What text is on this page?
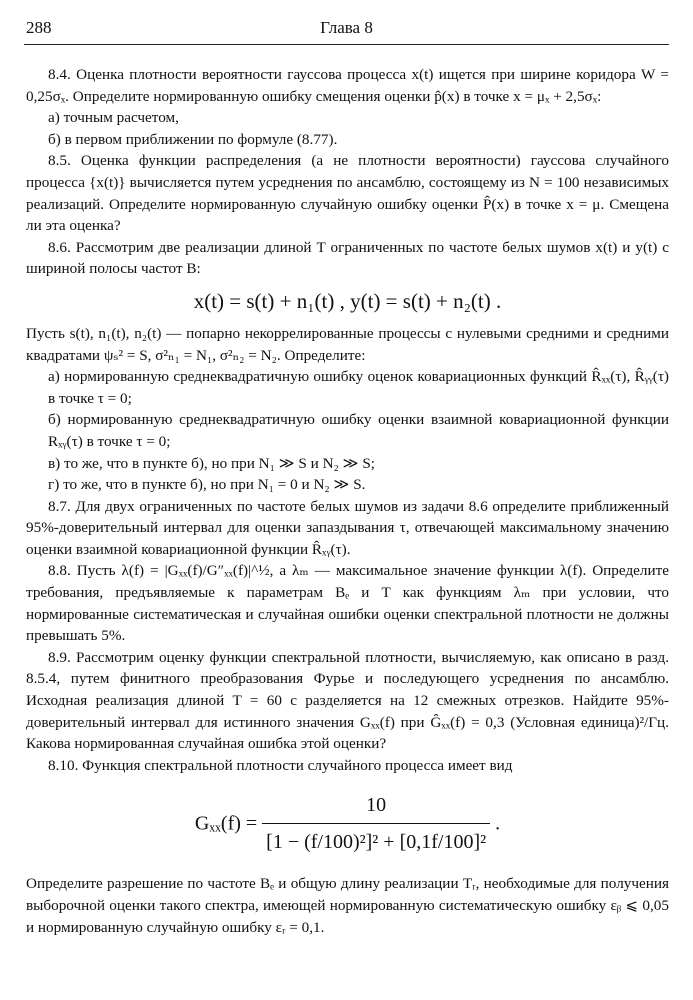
288	Глава 8

8.4. Оценка плотности вероятности гауссова процесса x(t) ищется при ширине коридора W = 0,25σₓ. Определите нормированную ошибку смещения оценки p̂(x) в точке x = μₓ + 2,5σₓ:

а) точным расчетом,

б) в первом приближении по формуле (8.77).

8.5. Оценка функции распределения (а не плотности вероятности) гауссова случайного процесса {x(t)} вычисляется путем усреднения по ансамблю, состоящему из N = 100 независимых реализаций. Определите нормированную случайную ошибку оценки P̂(x) в точке x = μ. Смещена ли эта оценка?

8.6. Рассмотрим две реализации длиной T ограниченных по частоте белых шумов x(t) и y(t) с шириной полосы частот B:

x(t) = s(t) + n₁(t) , y(t) = s(t) + n₂(t) .

Пусть s(t), n₁(t), n₂(t) — попарно некоррелированные процессы с нулевыми средними и средними квадратами ψₛ² = S, σ²ₙ₁ = N₁, σ²ₙ₂ = N₂. Определите:

а) нормированную среднеквадратичную ошибку оценок ковариационных функций R̂ₓₓ(τ), R̂ᵧᵧ(τ) в точке τ = 0;

б) нормированную среднеквадратичную ошибку оценки взаимной ковариационной функции Rₓᵧ(τ) в точке τ = 0;

в) то же, что в пункте б), но при N₁ ≫ S и N₂ ≫ S;

г) то же, что в пункте б), но при N₁ = 0 и N₂ ≫ S.

8.7. Для двух ограниченных по частоте белых шумов из задачи 8.6 определите приближенный 95%-доверительный интервал для оценки запаздывания τ, отвечающей максимальному значению оценки взаимной ковариационной функции R̂ₓᵧ(τ).

8.8. Пусть λ(f) = |Gₓₓ(f)/G″ₓₓ(f)|^½, а λₘ — максимальное значение функции λ(f). Определите требования, предъявляемые к параметрам Bₑ и T как функциям λₘ при условии, что нормированные систематическая и случайная ошибки оценки спектральной плотности не должны превышать 5%.

8.9. Рассмотрим оценку функции спектральной плотности, вычисляемую, как описано в разд. 8.5.4, путем финитного преобразования Фурье и последующего усреднения по ансамблю. Исходная реализация длиной T = 60 с разделяется на 12 смежных отрезков. Найдите 95%-доверительный интервал для истинного значения Gₓₓ(f) при Ĝₓₓ(f) = 0,3 (Условная единица)²/Гц. Какова нормированная случайная ошибка этой оценки?

8.10. Функция спектральной плотности случайного процесса имеет вид

$G_{xx}(f) = \frac{10}{\text{[1 − (f/100)²]² + [0,1f/100]²}}$ .

Определите разрешение по частоте Bₑ и общую длину реализации Tᵣ, необходимые для получения выборочной оценки такого спектра, имеющей нормированную систематическую ошибку εᵦ ⩽ 0,05 и нормированную случайную ошибку εᵣ = 0,1.
